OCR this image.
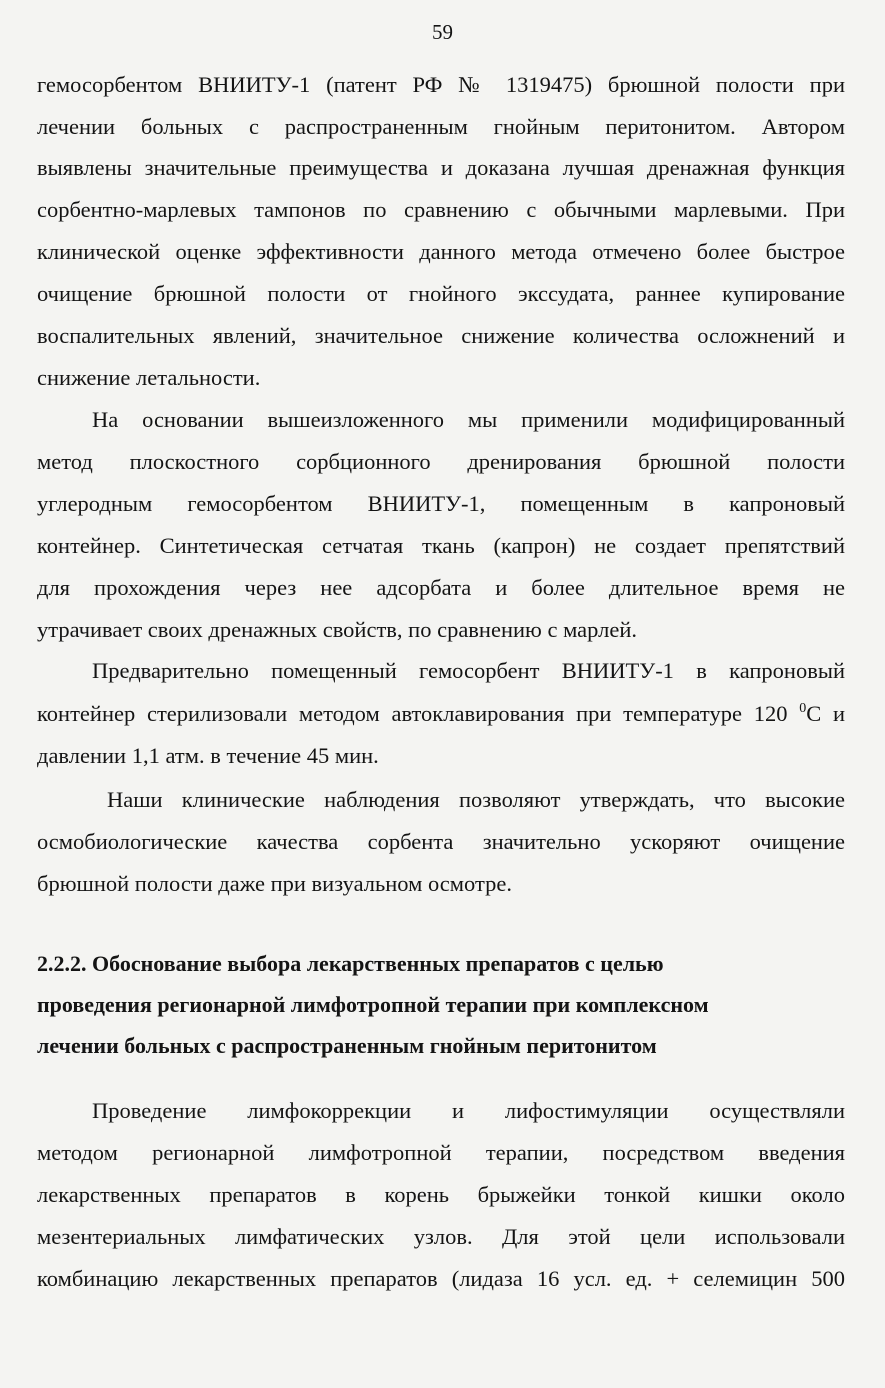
59
гемосорбентом ВНИИТУ-1 (патент РФ № 1319475) брюшной полости при
лечении больных с распространенным гнойным перитонитом. Автором
выявлены значительные преимущества и доказана лучшая дренажная функция
сорбентно-марлевых тампонов по сравнению с обычными марлевыми. При
клинической оценке эффективности данного метода отмечено более быстрое
очищение брюшной полости от гнойного экссудата, раннее купирование
воспалительных явлений, значительное снижение количества осложнений и
снижение летальности.
На основании вышеизложенного мы применили модифицированный
метод плоскостного сорбционного дренирования брюшной полости
углеродным гемосорбентом ВНИИТУ-1, помещенным в капроновый
контейнер. Синтетическая сетчатая ткань (капрон) не создает препятствий
для прохождения через нее адсорбата и более длительное время не
утрачивает своих дренажных свойств, по сравнению с марлей.
Предварительно помещенный гемосорбент ВНИИТУ-1 в капроновый
контейнер стерилизовали методом автоклавирования при температуре 120 $^0$С и
давлении 1,1 атм. в течение 45 мин.
Наши клинические наблюдения позволяют утверждать, что высокие
осмобиологические качества сорбента значительно ускоряют очищение
брюшной полости даже при визуальном осмотре.
2.2.2. Обоснование выбора лекарственных препаратов с целью
проведения регионарной лимфотропной терапии при комплексном
лечении больных с распространенным гнойным перитонитом
Проведение лимфокоррекции и лифостимуляции осуществляли
методом регионарной лимфотропной терапии, посредством введения
лекарственных препаратов в корень брыжейки тонкой кишки около
мезентериальных лимфатических узлов. Для этой цели использовали
комбинацию лекарственных препаратов (лидаза 16 усл. ед. + селемицин 500
